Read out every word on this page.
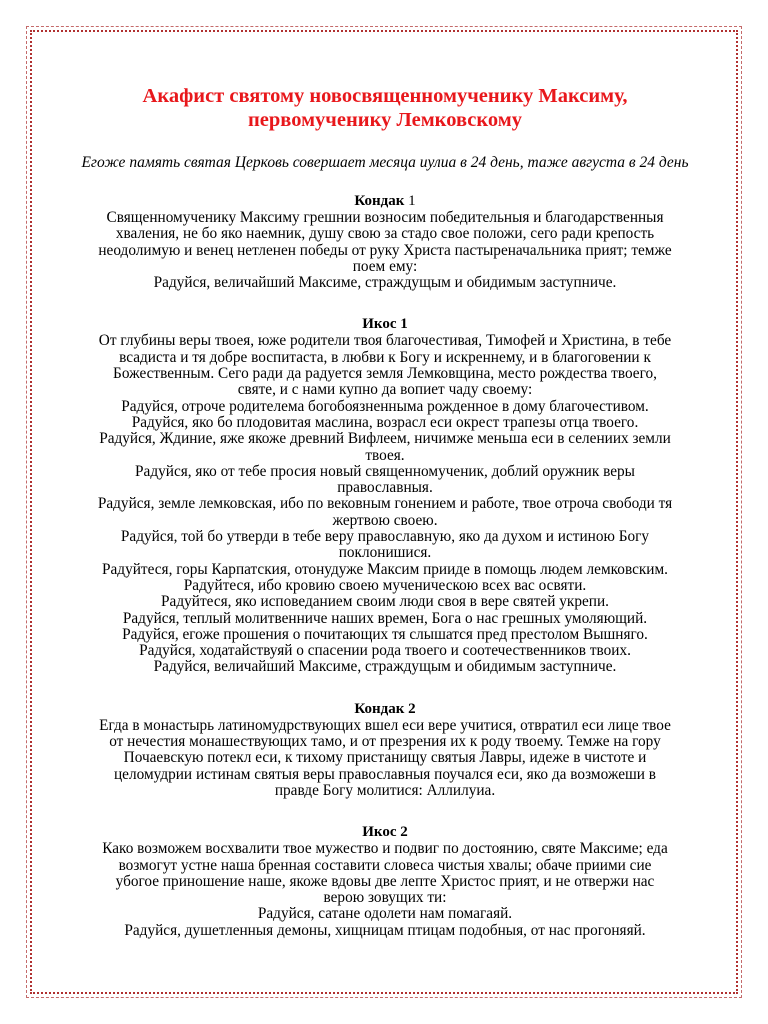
Акафист святому новосвященномученику Максиму,
первомученику Лемковскому

Егоже память святая Церковь совершает месяца иулиа в 24 день, таже августа в 24 день

Кондак 1

Священномученику Максиму грешнии возносим победительныя и благодарственныя

хваления, не бо яко наемник, душу свою за стадо свое положи, сего ради крепость

неодолимую и венец нетленен победы от руку Христа пастыреначальника прият; темже

поем ему:

Радуйся, величайший Максиме, страждущым и обидимым заступниче.

Икос 1

От глубины веры твоея, юже родители твоя благочестивая, Тимофей и Христина, в тебе

всадиста и тя добре воспитаста, в любви к Богу и искреннему, и в благоговении к

Божественным. Сего ради да радуется земля Лемковщина, место рождества твоего,

святе, и с нами купно да вопиет чаду своему:

Радуйся, отроче родителема богобоязненныма рожденное в дому благочестивом.

Радуйся, яко бо плодовитая маслина, возрасл еси окрест трапезы отца твоего.

Радуйся, Ждиние, яже якоже древний Вифлеем, ничимже меньша еси в селениих земли

твоея.

Радуйся, яко от тебе просия новый священномученик, доблий оружник веры

православныя.

Радуйся, земле лемковская, ибо по вековным гонением и работе, твое отроча свободи тя

жертвою своею.

Радуйся, той бо утверди в тебе веру православную, яко да духом и истиною Богу

поклонишися.

Радуйтеся, горы Карпатския, отонудуже Максим прииде в помощь людем лемковским.

Радуйтеся, ибо кровию своею мученическою всех вас освяти.

Радуйтеся, яко исповеданием своим люди своя в вере святей укрепи.

Радуйся, теплый молитвенниче наших времен, Бога о нас грешных умоляющий.

Радуйся, егоже прошения о почитающих тя слышатся пред престолом Вышняго.

Радуйся, ходатайствуяй о спасении рода твоего и соотечественников твоих.

Радуйся, величайший Максиме, страждущым и обидимым заступниче.

Кондак 2

Егда в монастырь латиномудрствующих вшел еси вере учитися, отвратил еси лице твое

от нечестия монашествующих тамо, и от презрения их к роду твоему. Темже на гору

Почаевскую потекл еси, к тихому пристанищу святыя Лавры, идеже в чистоте и

целомудрии истинам святыя веры православныя поучался еси, яко да возможеши в

правде Богу молитися: Аллилуиа.

Икос 2

Како возможем восхвалити твое мужество и подвиг по достоянию, святе Максиме; еда

возмогут устне наша бренная составити словеса чистыя хвалы; обаче приими сие

убогое приношение наше, якоже вдовы две лепте Христос прият, и не отвержи нас

верою зовущих ти:

Радуйся, сатане одолети нам помагаяй.

Радуйся, душетленныя демоны, хищницам птицам подобныя, от нас прогоняяй.
